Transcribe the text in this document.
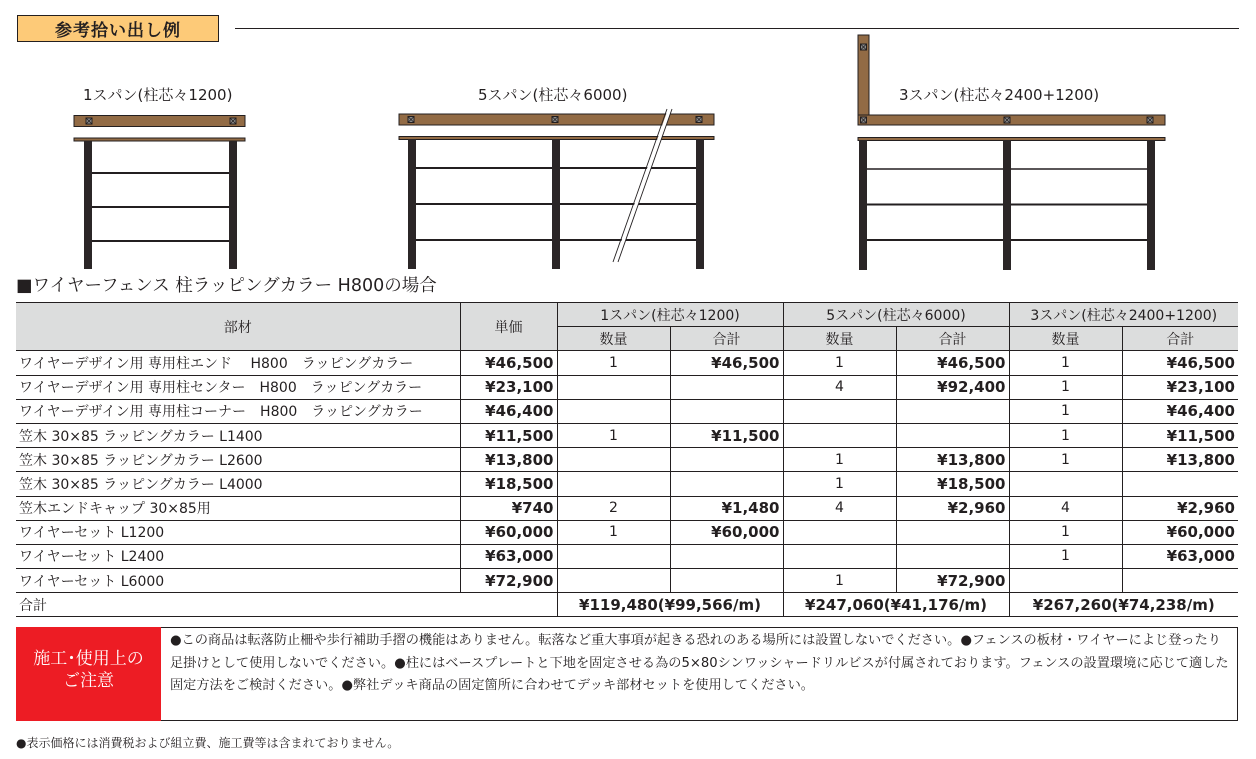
参考拾い出し例
1スパン(柱芯々1200)	5スパン(柱芯々6000)	3スパン(柱芯々2400+1200)
■ワイヤーフェンス 柱ラッピングカラー H800の場合
部材	単価	1スパン(柱芯々1200)		5スパン(柱芯々6000)		3スパン(柱芯々2400+1200)	
		数量	合計	数量	合計	数量	合計
ワイヤーデザイン用 専用柱エンド　 H800　ラッピングカラー	¥46,500	1	¥46,500	1	¥46,500	1	¥46,500
ワイヤーデザイン用 専用柱センター　H800　ラッピングカラー	¥23,100			4	¥92,400	1	¥23,100
ワイヤーデザイン用 専用柱コーナー　H800　ラッピングカラー	¥46,400					1	¥46,400
笠木 30×85 ラッピングカラー L1400	¥11,500	1	¥11,500			1	¥11,500
笠木 30×85 ラッピングカラー L2600	¥13,800			1	¥13,800	1	¥13,800
笠木 30×85 ラッピングカラー L4000	¥18,500			1	¥18,500		
笠木エンドキャップ 30×85用	¥740	2	¥1,480	4	¥2,960	4	¥2,960
ワイヤーセット L1200	¥60,000	1	¥60,000			1	¥60,000
ワイヤーセット L2400	¥63,000					1	¥63,000
ワイヤーセット L6000	¥72,900			1	¥72,900		
合計		¥119,480(¥99,566/m)		¥247,060(¥41,176/m)		¥267,260(¥74,238/m)	
施工･使用上の
ご注意
●この商品は転落防止柵や歩行補助手摺の機能はありません。転落など重大事項が起きる恐れのある場所には設置しないでください。●フェンスの板材・ワイヤーによじ登ったり足掛けとして使用しないでください。●柱にはベースプレートと下地を固定させる為の5×80シンワッシャードリルビスが付属されております。フェンスの設置環境に応じて適した固定方法をご検討ください。●弊社デッキ商品の固定箇所に合わせてデッキ部材セットを使用してください。
●表示価格には消費税および組立費、施工費等は含まれておりません。
